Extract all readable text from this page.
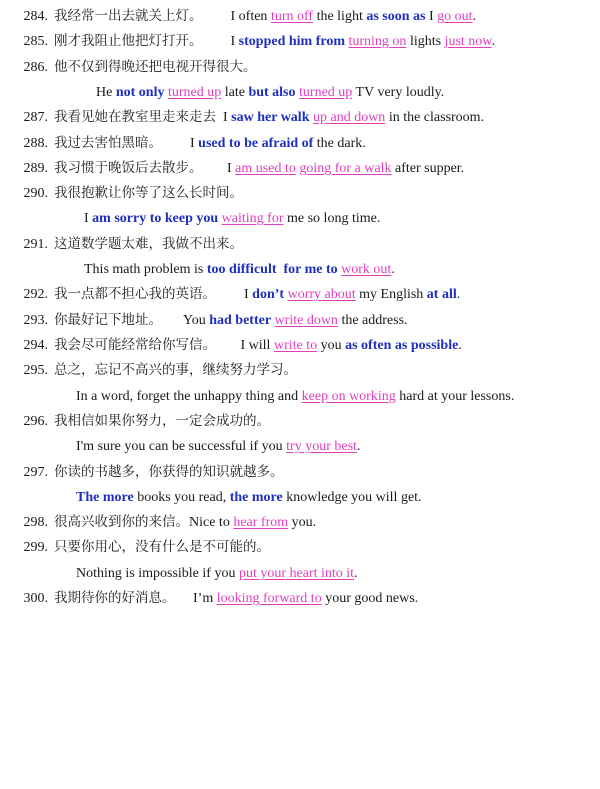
284. 我经常一出去就关上灯。        I often turn off the light as soon as I go out.
285. 刚才我阻止他把灯打开。        I stopped him from turning on lights just now.
286. 他不仅到得晚还把电视开得很大。
He not only turned up late but also turned up TV very loudly.
287. 我看见她在教室里走来走去  I saw her walk up and down in the classroom.
288. 我过去害怕黑暗。        I used to be afraid of the dark.
289. 我习惯于晚饭后去散步。       I am used to going for a walk after supper.
290. 我很抱歉让你等了这么长时间。
I am sorry to keep you waiting for me so long time.
291. 这道数学题太难，我做不出来。
This math problem is too difficult  for me to work out.
292. 我一点都不担心我的英语。        I don’t worry about my English at all.
293. 你最好记下地址。      You had better write down the address.
294. 我会尽可能经常给你写信。       I will write to you as often as possible.
295. 总之，忘记不高兴的事，继续努力学习。
In a word, forget the unhappy thing and keep on working hard at your lessons.
296. 我相信如果你努力，一定会成功的。
I'm sure you can be successful if you try your best.
297. 你读的书越多，你获得的知识就越多。
The more books you read, the more knowledge you will get.
298. 很高兴收到你的来信。Nice to hear from you.
299. 只要你用心，没有什么是不可能的。
Nothing is impossible if you put your heart into it.
300. 我期待你的好消息。     I’m looking forward to your good news.
